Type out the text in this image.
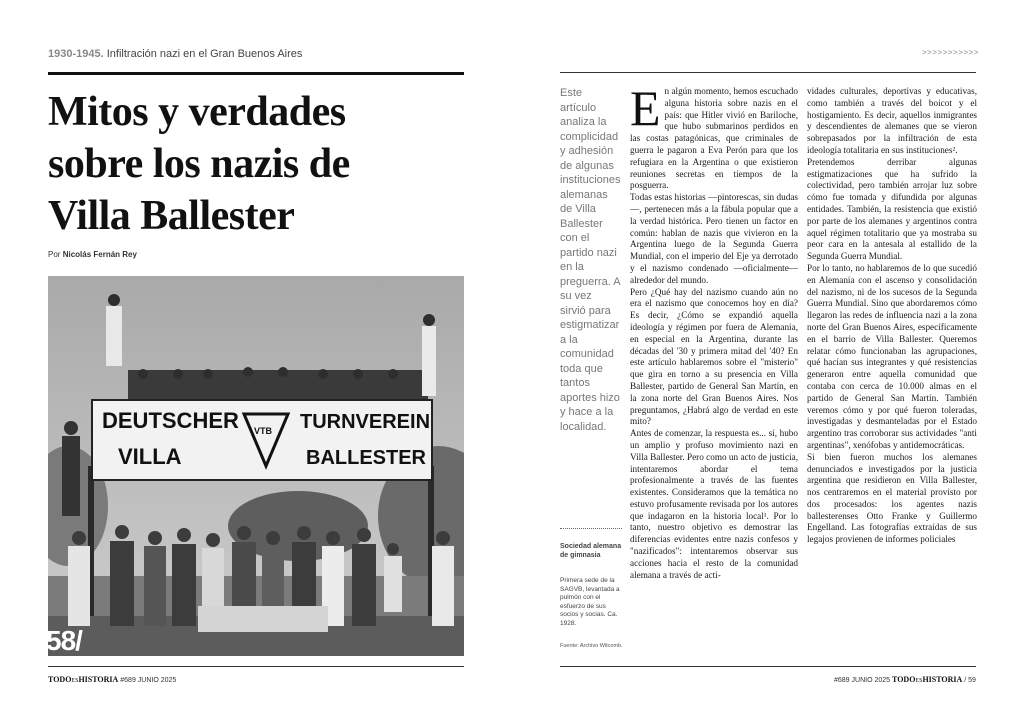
1930-1945. Infiltración nazi en el Gran Buenos Aires
Mitos y verdades
sobre los nazis de
Villa Ballester
Por Nicolás Fernán Rey
DEUTSCHER
VILLA
VTB TURNVEREIN
BALLESTER
58/
TODOESHISTORIA #689 JUNIO 2025
>>>>>>>>>>>
Este artículo analiza la complicidad y adhesión de algunas instituciones alemanas de Villa Ballester con el partido nazi en la preguerra. A su vez sirvió para estigmatizar a la comunidad toda que tantos aportes hizo y hace a la localidad.
Sociedad alemana de gimnasia
Primera sede de la SAGVB, levantada a pulmón con el esfuerzo de sus socios y socias. Ca. 1928.
Fuente: Archivo Witcomb.

En algún momento, hemos escuchado alguna historia sobre nazis en el país: que Hitler vivió en Bariloche, que hubo submarinos perdidos en las costas patagónicas, que criminales de guerra le pagaron a Eva Perón para que los refugiara en la Argentina o que existieron reuniones secretas en tiempos de la posguerra.

Todas estas historias —pintorescas, sin dudas—, pertenecen más a la fábula popular que a la verdad histórica. Pero tienen un factor en común: hablan de nazis que vivieron en la Argentina luego de la Segunda Guerra Mundial, con el imperio del Eje ya derrotado y el nazismo condenado —oficialmente— alrededor del mundo.

Pero ¿Qué hay del nazismo cuando aún no era el nazismo que conocemos hoy en día? Es decir, ¿Cómo se expandió aquella ideología y régimen por fuera de Alemania, en especial en la Argentina, durante las décadas del '30 y primera mitad del '40? En este artículo hablaremos sobre el "misterio" que gira en torno a su presencia en Villa Ballester, partido de General San Martín, en la zona norte del Gran Buenos Aires. Nos preguntamos, ¿Habrá algo de verdad en este mito?

Antes de comenzar, la respuesta es... sí, hubo un amplio y profuso movimiento nazi en Villa Ballester. Pero como un acto de justicia, intentaremos abordar el tema profesionalmente a través de las fuentes existentes. Consideramos que la temática no estuvo profusamente revisada por los autores que indagaron en la historia local¹. Por lo tanto, nuestro objetivo es demostrar las diferencias evidentes entre nazis confesos y "nazificados": intentaremos observar sus acciones hacia el resto de la comunidad alemana a través de acti-

vidades culturales, deportivas y educativas, como también a través del boicot y el hostigamiento. Es decir, aquellos inmigrantes y descendientes de alemanes que se vieron sobrepasados por la infiltración de esta ideología totalitaria en sus instituciones².

Pretendemos derribar algunas estigmatizaciones que ha sufrido la colectividad, pero también arrojar luz sobre cómo fue tomada y difundida por algunas entidades. También, la resistencia que existió por parte de los alemanes y argentinos contra aquel régimen totalitario que ya mostraba su peor cara en la antesala al estallido de la Segunda Guerra Mundial.

Por lo tanto, no hablaremos de lo que sucedió en Alemania con el ascenso y consolidación del nazismo, ni de los sucesos de la Segunda Guerra Mundial. Sino que abordaremos cómo llegaron las redes de influencia nazi a la zona norte del Gran Buenos Aires, específicamente en el barrio de Villa Ballester. Queremos relatar cómo funcionaban las agrupaciones, qué hacían sus integrantes y qué resistencias generaron entre aquella comunidad que contaba con cerca de 10.000 almas en el partido de General San Martín. También veremos cómo y por qué fueron toleradas, investigadas y desmanteladas por el Estado argentino tras corroborar sus actividades "anti argentinas", xenófobas y antidemocráticas.

Si bien fueron muchos los alemanes denunciados e investigados por la justicia argentina que residieron en Villa Ballester, nos centraremos en el material provisto por dos procesados: los agentes nazis ballesterenses Otto Franke y Guillermo Engelland. Las fotografías extraídas de sus legajos provienen de informes policiales

#689 JUNIO 2025 TODOESHISTORIA / 59
